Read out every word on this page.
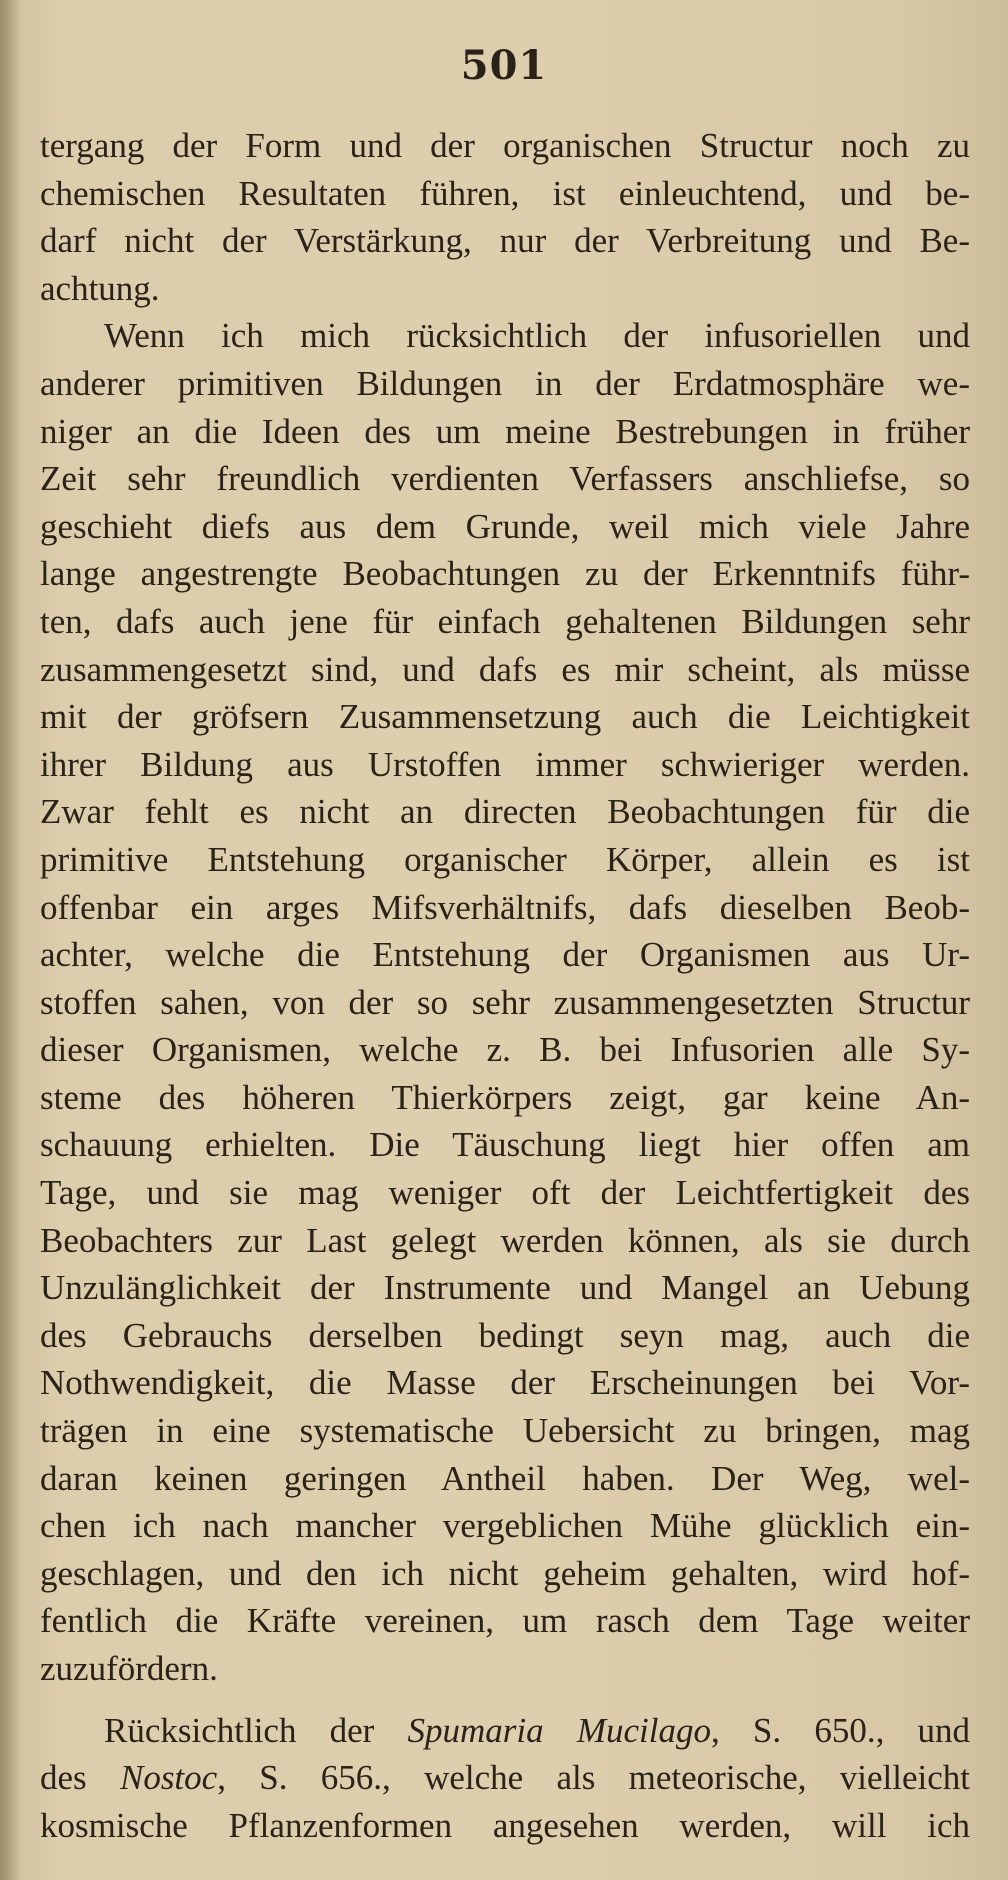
501
tergang der Form und der organischen Structur noch zu
chemischen Resultaten führen, ist einleuchtend, und be-
darf nicht der Verstärkung, nur der Verbreitung und Be-
achtung.
Wenn ich mich rücksichtlich der infusoriellen und
anderer primitiven Bildungen in der Erdatmosphäre we-
niger an die Ideen des um meine Bestrebungen in früher
Zeit sehr freundlich verdienten Verfassers anschliefse, so
geschieht diefs aus dem Grunde, weil mich viele Jahre
lange angestrengte Beobachtungen zu der Erkenntnifs führ-
ten, dafs auch jene für einfach gehaltenen Bildungen sehr
zusammengesetzt sind, und dafs es mir scheint, als müsse
mit der gröfsern Zusammensetzung auch die Leichtigkeit
ihrer Bildung aus Urstoffen immer schwieriger werden.
Zwar fehlt es nicht an directen Beobachtungen für die
primitive Entstehung organischer Körper, allein es ist
offenbar ein arges Mifsverhältnifs, dafs dieselben Beob-
achter, welche die Entstehung der Organismen aus Ur-
stoffen sahen, von der so sehr zusammengesetzten Structur
dieser Organismen, welche z. B. bei Infusorien alle Sy-
steme des höheren Thierkörpers zeigt, gar keine An-
schauung erhielten. Die Täuschung liegt hier offen am
Tage, und sie mag weniger oft der Leichtfertigkeit des
Beobachters zur Last gelegt werden können, als sie durch
Unzulänglichkeit der Instrumente und Mangel an Uebung
des Gebrauchs derselben bedingt seyn mag, auch die
Nothwendigkeit, die Masse der Erscheinungen bei Vor-
trägen in eine systematische Uebersicht zu bringen, mag
daran keinen geringen Antheil haben. Der Weg, wel-
chen ich nach mancher vergeblichen Mühe glücklich ein-
geschlagen, und den ich nicht geheim gehalten, wird hof-
fentlich die Kräfte vereinen, um rasch dem Tage weiter
zuzufördern.
Rücksichtlich der Spumaria Mucilago, S. 650., und
des Nostoc, S. 656., welche als meteorische, vielleicht
kosmische Pflanzenformen angesehen werden, will ich
